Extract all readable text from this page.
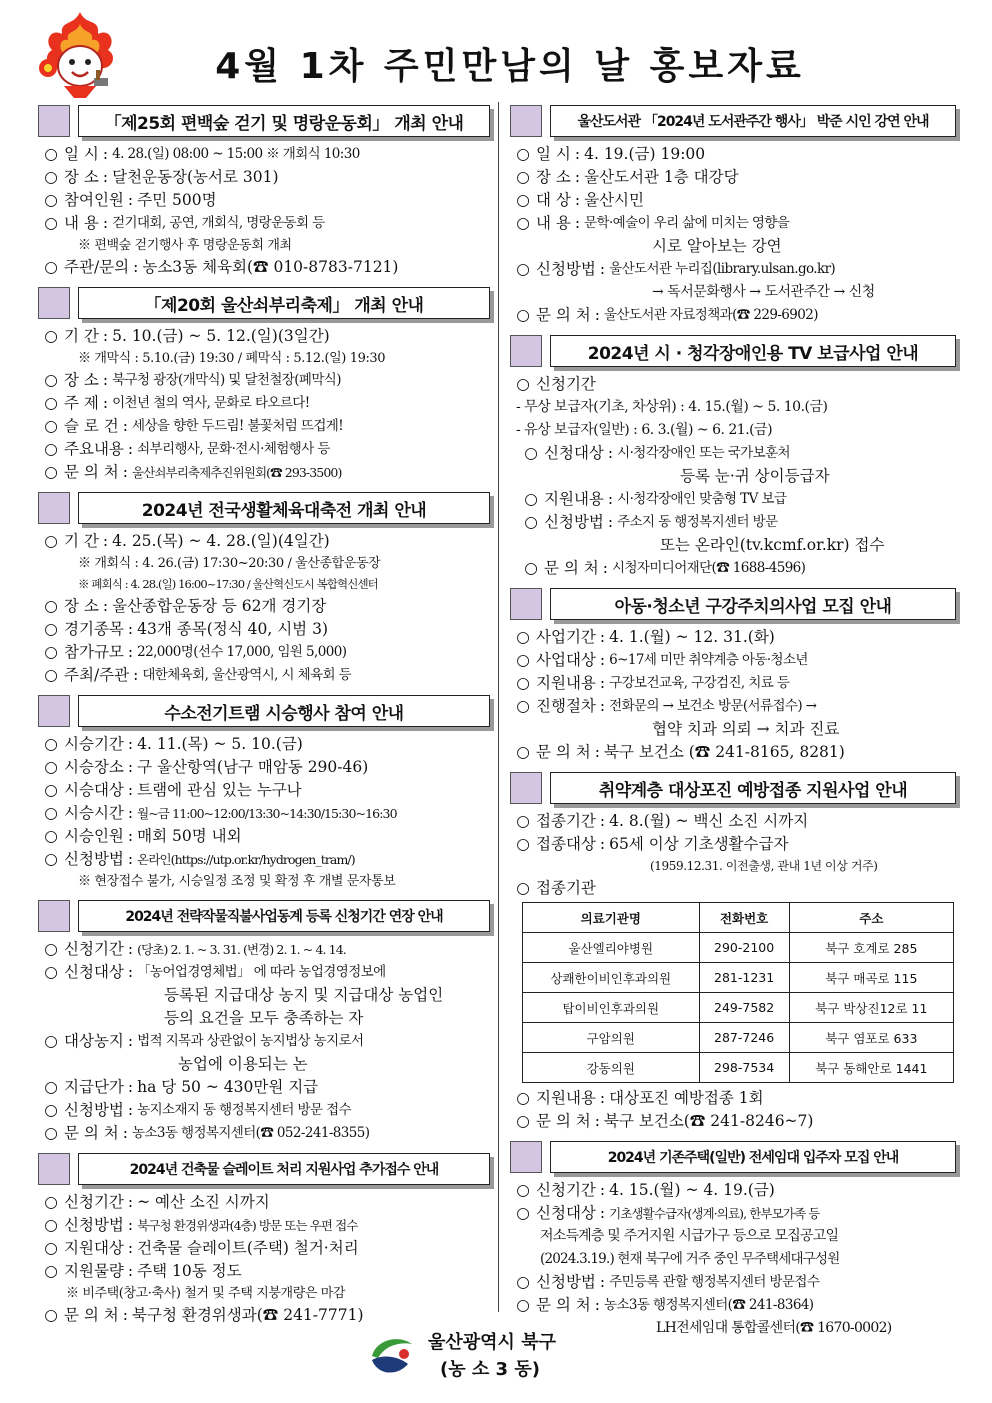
4월 1차 주민만남의 날 홍보자료
「제25회 편백숲 걷기 및 명랑운동회」 개최 안내
○ 일 시 : 4. 28.(일) 08:00 ~ 15:00 ※ 개회식 10:30
○ 장 소 : 달천운동장(농서로 301)
○ 참여인원 : 주민 500명
○ 내 용 : 걷기대회, 공연, 개회식, 명랑운동회 등
※ 편백숲 걷기행사 후 명랑운동회 개최
○ 주관/문의 : 농소3동 체육회(☎ 010-8783-7121)
「제20회 울산쇠부리축제」 개최 안내
○ 기 간 : 5. 10.(금) ~ 5. 12.(일)(3일간)
※ 개막식 : 5.10.(금) 19:30 / 폐막식 : 5.12.(일) 19:30
○ 장 소 : 북구청 광장(개막식) 및 달천철장(폐막식)
○ 주 제 : 이천년 철의 역사, 문화로 타오르다!
○ 슬 로 건 : 세상을 향한 두드림! 불꽃처럼 뜨겁게!
○ 주요내용 : 쇠부리행사, 문화·전시·체험행사 등
○ 문 의 처 : 울산쇠부리축제추진위원회(☎ 293-3500)
2024년 전국생활체육대축전 개최 안내
○ 기 간 : 4. 25.(목) ~ 4. 28.(일)(4일간)
※ 개회식 : 4. 26.(금) 17:30~20:30 / 울산종합운동장
※ 폐회식 : 4. 28.(일) 16:00~17:30 / 울산혁신도시 복합혁신센터
○ 장 소 : 울산종합운동장 등 62개 경기장
○ 경기종목 : 43개 종목(정식 40, 시범 3)
○ 참가규모 : 22,000명(선수 17,000, 임원 5,000)
○ 주최/주관 : 대한체육회, 울산광역시, 시 체육회 등
수소전기트램 시승행사 참여 안내
○ 시승기간 : 4. 11.(목) ~ 5. 10.(금)
○ 시승장소 : 구 울산항역(남구 매암동 290-46)
○ 시승대상 : 트램에 관심 있는 누구나
○ 시승시간 : 월~금 11:00~12:00/13:30~14:30/15:30~16:30
○ 시승인원 : 매회 50명 내외
○ 신청방법 : 온라인(https://utp.or.kr/hydrogen_tram/)
※ 현장접수 불가, 시승일정 조정 및 확정 후 개별 문자통보
2024년 전략작물직불사업동계 등록 신청기간 연장 안내
○ 신청기간 : (당초) 2. 1. ~ 3. 31. (변경) 2. 1. ~ 4. 14.
○ 신청대상 : 「농어업경영체법」 에 따라 농업경영정보에
등록된 지급대상 농지 및 지급대상 농업인
등의 요건을 모두 충족하는 자
○ 대상농지 : 법적 지목과 상관없이 농지법상 농지로서
농업에 이용되는 논
○ 지급단가 : ha 당 50 ~ 430만원 지급
○ 신청방법 : 농지소재지 동 행정복지센터 방문 접수
○ 문 의 처 : 농소3동 행정복지센터(☎ 052-241-8355)
2024년 건축물 슬레이트 처리 지원사업 추가접수 안내
○ 신청기간 : ~ 예산 소진 시까지
○ 신청방법 : 북구청 환경위생과(4층) 방문 또는 우편 접수
○ 지원대상 : 건축물 슬레이트(주택) 철거·처리
○ 지원물량 : 주택 10동 정도
※ 비주택(창고·축사) 철거 및 주택 지붕개량은 마감
○ 문 의 처 : 북구청 환경위생과(☎ 241-7771)
울산도서관 「2024년 도서관주간 행사」 박준 시인 강연 안내
○ 일 시 : 4. 19.(금) 19:00
○ 장 소 : 울산도서관 1층 대강당
○ 대 상 : 울산시민
○ 내 용 : 문학·예술이 우리 삶에 미치는 영향을
시로 알아보는 강연
○ 신청방법 : 울산도서관 누리집(library.ulsan.go.kr)
→ 독서문화행사 → 도서관주간 → 신청
○ 문 의 처 : 울산도서관 자료정책과(☎ 229-6902)
2024년 시 · 청각장애인용 TV 보급사업 안내
○ 신청기간
- 무상 보급자(기초, 차상위) : 4. 15.(월) ~ 5. 10.(금)
- 유상 보급자(일반) : 6. 3.(월) ~ 6. 21.(금)
○ 신청대상 : 시·청각장애인 또는 국가보훈처
등록 눈·귀 상이등급자
○ 지원내용 : 시·청각장애인 맞춤형 TV 보급
○ 신청방법 : 주소지 동 행정복지센터 방문
또는 온라인(tv.kcmf.or.kr) 접수
○ 문 의 처 : 시청자미디어재단(☎ 1688-4596)
아동·청소년 구강주치의사업 모집 안내
○ 사업기간 : 4. 1.(월) ~ 12. 31.(화)
○ 사업대상 : 6~17세 미만 취약계층 아동·청소년
○ 지원내용 : 구강보건교육, 구강검진, 치료 등
○ 진행절차 : 전화문의 → 보건소 방문(서류접수) →
협약 치과 의뢰 → 치과 진료
○ 문 의 처 : 북구 보건소 (☎ 241-8165, 8281)
취약계층 대상포진 예방접종 지원사업 안내
○ 접종기간 : 4. 8.(월) ~ 백신 소진 시까지
○ 접종대상 : 65세 이상 기초생활수급자
(1959.12.31. 이전출생, 관내 1년 이상 거주)
○ 접종기관
의료기관명	전화번호	주소
울산엘리야병원	290-2100	북구 호계로 285
상쾌한이비인후과의원	281-1231	북구 매곡로 115
탑이비인후과의원	249-7582	북구 박상진12로 11
구암의원	287-7246	북구 염포로 633
강동의원	298-7534	북구 동해안로 1441
○ 지원내용 : 대상포진 예방접종 1회
○ 문 의 처 : 북구 보건소(☎ 241-8246~7)
2024년 기존주택(일반) 전세임대 입주자 모집 안내
○ 신청기간 : 4. 15.(월) ~ 4. 19.(금)
○ 신청대상 : 기초생활수급자(생계·의료), 한부모가족 등
저소득계층 및 주거지원 시급가구 등으로 모집공고일
(2024.3.19.) 현재 북구에 거주 중인 무주택세대구성원
○ 신청방법 : 주민등록 관할 행정복지센터 방문접수
○ 문 의 처 : 농소3동 행정복지센터(☎ 241-8364)
LH전세임대 통합콜센터(☎ 1670-0002)
울산광역시 북구
(농 소 3 동)
